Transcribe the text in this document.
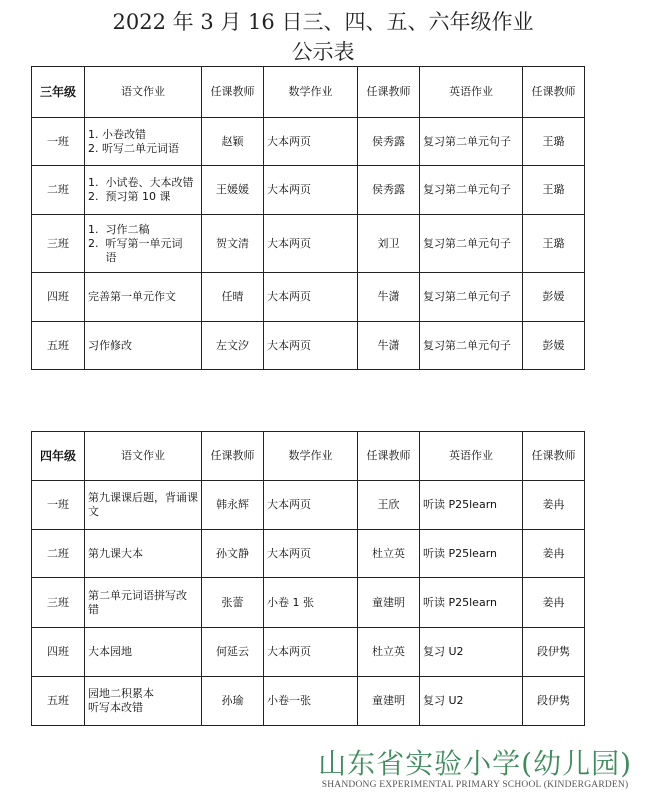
2022 年 3 月 16 日三、四、五、六年级作业
公示表
三年级	语文作业	任课教师	数学作业	任课教师	英语作业	任课教师
一班	1. 小卷改错
2. 听写二单元词语	赵颖	大本两页	侯秀露	复习第二单元句子	王璐
二班	1.  小试卷、大本改错
2.  预习第 10 课	王媛媛	大本两页	侯秀露	复习第二单元句子	王璐
三班	1.  习作二稿
2.  听写第一单元词
语	贺文清	大本两页	刘卫	复习第二单元句子	王璐
四班	完善第一单元作文	任晴	大本两页	牛潇	复习第二单元句子	彭媛
五班	习作修改	左文汐	大本两页	牛潇	复习第二单元句子	彭媛
四年级	语文作业	任课教师	数学作业	任课教师	英语作业	任课教师
一班	第九课课后题，背诵课
文	韩永辉	大本两页	王欣	听读 P25learn	姜冉
二班	第九课大本	孙文静	大本两页	杜立英	听读 P25learn	姜冉
三班	第二单元词语拼写改
错	张蕾	小卷 1 张	童建明	听读 P25learn	姜冉
四班	大本园地	何延云	大本两页	杜立英	复习 U2	段伊隽
五班	园地二积累本
听写本改错	孙瑜	小卷一张	童建明	复习 U2	段伊隽
山东省实验小学(幼儿园)
SHANDONG EXPERIMENTAL PRIMARY SCHOOL (KINDERGARDEN)
